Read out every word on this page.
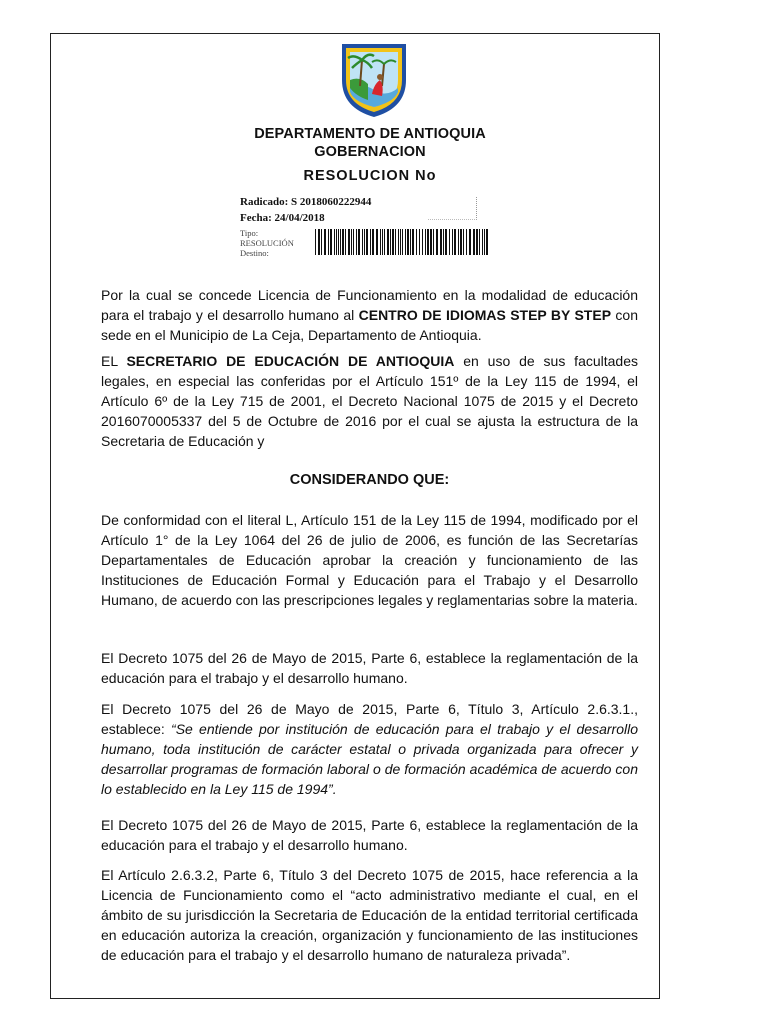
DEPARTAMENTO DE ANTIOQUIA
GOBERNACION
RESOLUCION No
Radicado: S 2018060222944
Fecha: 24/04/2018
Tipo:
RESOLUCIÓN
Destino:

Por la cual se concede Licencia de Funcionamiento en la modalidad de educación para el trabajo y el desarrollo humano al CENTRO DE IDIOMAS STEP BY STEP con sede en el Municipio de La Ceja, Departamento de Antioquia.

EL SECRETARIO DE EDUCACIÓN DE ANTIOQUIA en uso de sus facultades legales, en especial las conferidas por el Artículo 151º de la Ley 115 de 1994, el Artículo 6º de la Ley 715 de 2001, el Decreto Nacional 1075 de 2015 y el Decreto 2016070005337 del 5 de Octubre de 2016 por el cual se ajusta la estructura de la Secretaria de Educación y

CONSIDERANDO QUE:

De conformidad con el literal L, Artículo 151 de la Ley 115 de 1994, modificado por el Artículo 1° de la Ley 1064 del 26 de julio de 2006, es función de las Secretarías Departamentales de Educación aprobar la creación y funcionamiento de las Instituciones de Educación Formal y Educación para el Trabajo y el Desarrollo Humano, de acuerdo con las prescripciones legales y reglamentarias sobre la materia.

El Decreto 1075 del 26 de Mayo de 2015, Parte 6, establece la reglamentación de la educación para el trabajo y el desarrollo humano.

El Decreto 1075 del 26 de Mayo de 2015, Parte 6, Título 3, Artículo 2.6.3.1., establece: “Se entiende por institución de educación para el trabajo y el desarrollo humano, toda institución de carácter estatal o privada organizada para ofrecer y desarrollar programas de formación laboral o de formación académica de acuerdo con lo establecido en la Ley 115 de 1994”.

El Decreto 1075 del 26 de Mayo de 2015, Parte 6, establece la reglamentación de la educación para el trabajo y el desarrollo humano.

El Artículo 2.6.3.2, Parte 6, Título 3 del Decreto 1075 de 2015, hace referencia a la Licencia de Funcionamiento como el “acto administrativo mediante el cual, en el ámbito de su jurisdicción la Secretaria de Educación de la entidad territorial certificada en educación autoriza la creación, organización y funcionamiento de las instituciones de educación para el trabajo y el desarrollo humano de naturaleza privada”.
